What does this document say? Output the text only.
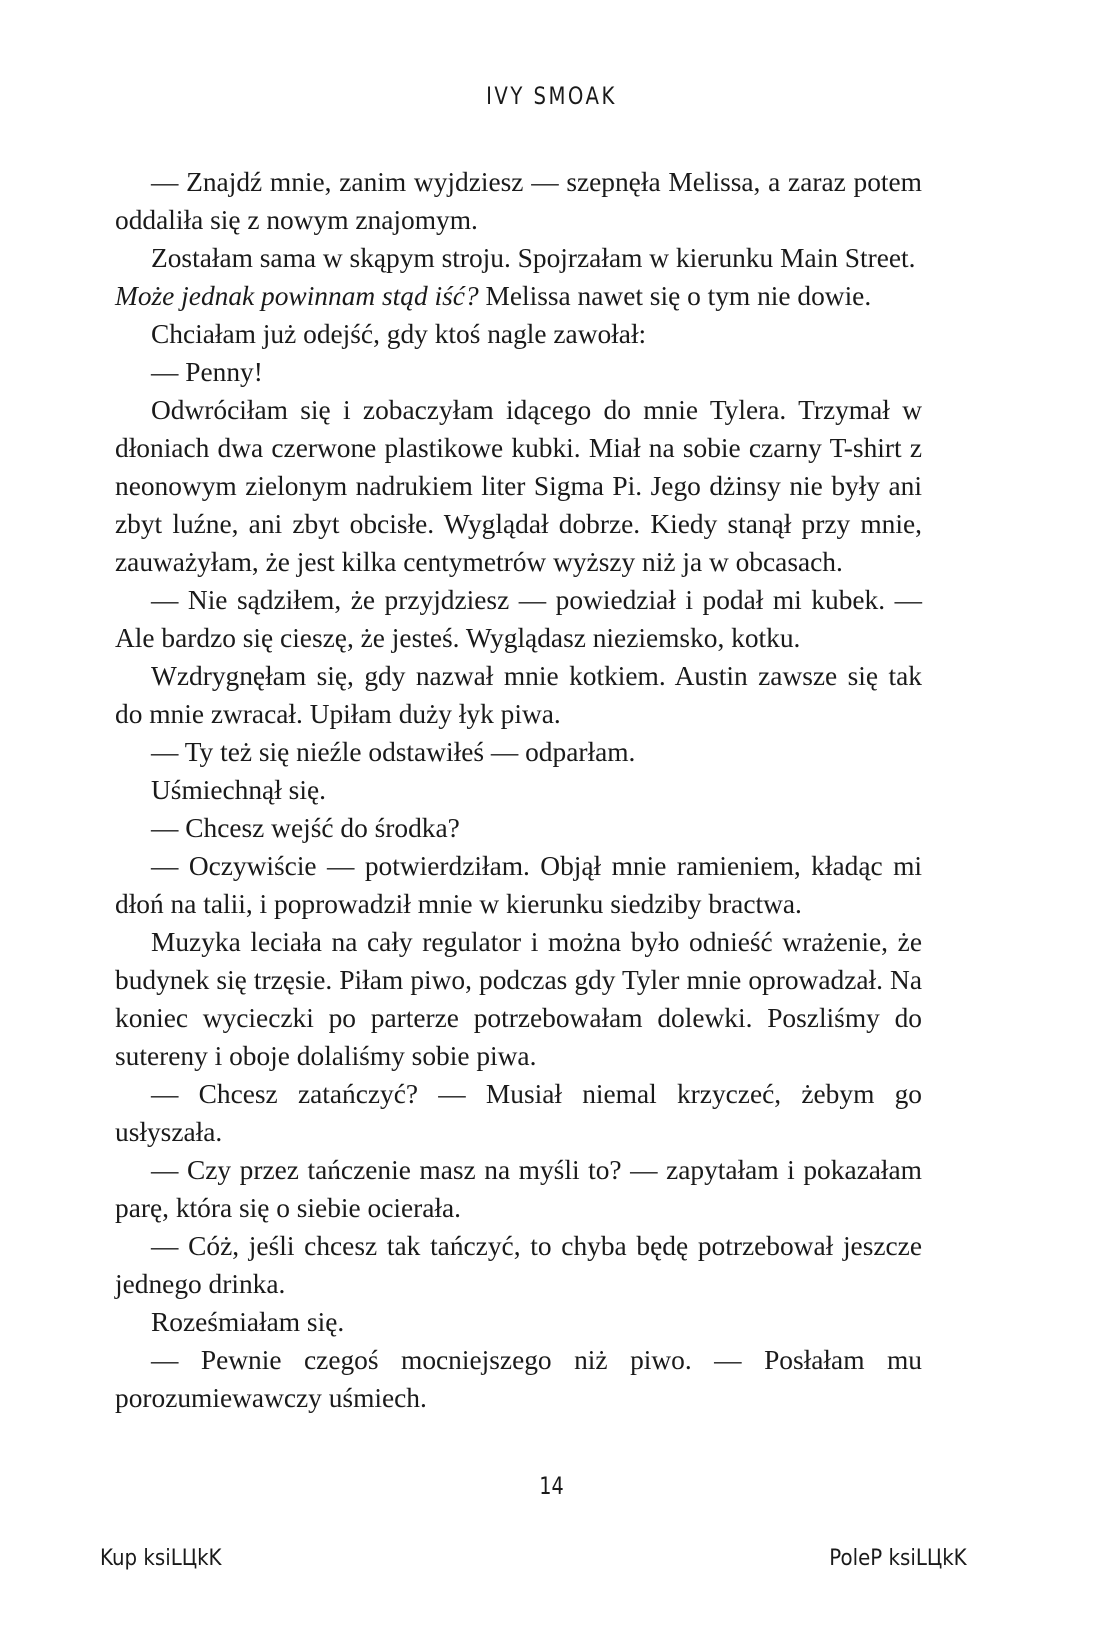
IVY SMOAK

— Znajdź mnie, zanim wyjdziesz — szepnęła Melissa, a zaraz potem oddaliła się z nowym znajomym.

Zostałam sama w skąpym stroju. Spojrzałam w kierunku Main Street.
Może jednak powinnam stąd iść? Melissa nawet się o tym nie dowie.

Chciałam już odejść, gdy ktoś nagle zawołał:

— Penny!

Odwróciłam się i zobaczyłam idącego do mnie Tylera. Trzymał w dłoniach dwa czerwone plastikowe kubki. Miał na sobie czarny T-shirt z neonowym zielonym nadrukiem liter Sigma Pi. Jego dżinsy nie były ani zbyt luźne, ani zbyt obcisłe. Wyglądał dobrze. Kiedy stanął przy mnie, zauważyłam, że jest kilka centymetrów wyższy niż ja w obcasach.

— Nie sądziłem, że przyjdziesz — powiedział i podał mi kubek. — Ale bardzo się cieszę, że jesteś. Wyglądasz nieziemsko, kotku.

Wzdrygnęłam się, gdy nazwał mnie kotkiem. Austin zawsze się tak do mnie zwracał. Upiłam duży łyk piwa.

— Ty też się nieźle odstawiłeś — odparłam.

Uśmiechnął się.

— Chcesz wejść do środka?

— Oczywiście — potwierdziłam. Objął mnie ramieniem, kładąc mi dłoń na talii, i poprowadził mnie w kierunku siedziby bractwa.

Muzyka leciała na cały regulator i można było odnieść wrażenie, że budynek się trzęsie. Piłam piwo, podczas gdy Tyler mnie oprowadzał. Na koniec wycieczki po parterze potrzebowałam dolewki. Poszliśmy do sutereny i oboje dolaliśmy sobie piwa.

— Chcesz zatańczyć? — Musiał niemal krzyczeć, żebym go usłyszała.

— Czy przez tańczenie masz na myśli to? — zapytałam i pokazałam parę, która się o siebie ocierała.

— Cóż, jeśli chcesz tak tańczyć, to chyba będę potrzebował jeszcze jednego drinka.

Roześmiałam się.

— Pewnie czegoś mocniejszego niż piwo. — Posłałam mu porozumiewawczy uśmiech.

14
Kup ksiLЦkK	PoleP ksiLЦkK
